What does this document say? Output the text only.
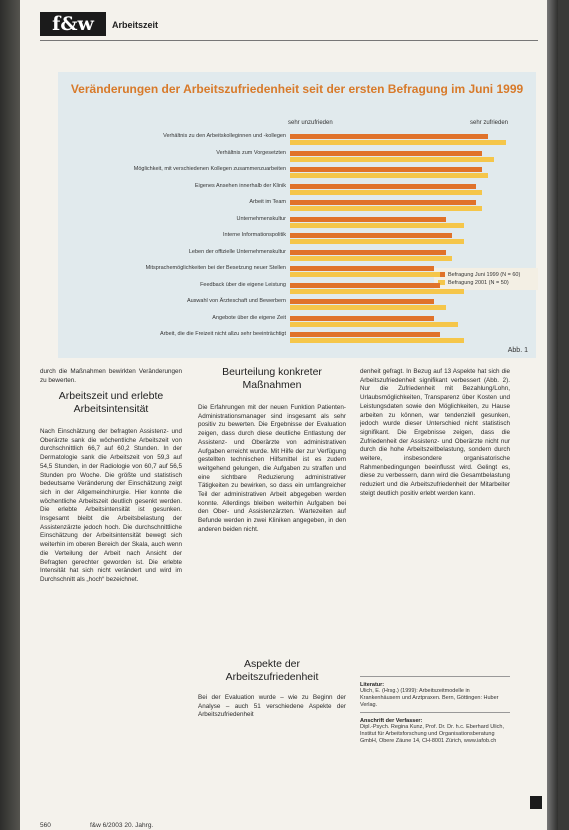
f&w	Arbeitszeit
Veränderungen der Arbeitszufriedenheit seit der ersten Befragung im Juni 1999
sehr unzufrieden	sehr zufrieden
Befragung Juni 1999 (N = 60)
Befragung 2001 (N = 50)
Abb. 1
Verhältnis zu den Arbeitskolleginnen und -kollegen
Verhältnis zum Vorgesetzten
Möglichkeit, mit verschiedenen Kollegen zusammenzuarbeiten
Eigenes Ansehen innerhalb der Klinik
Arbeit im Team
Unternehmenskultur
Interne Informationspolitik
Leben der offizielle Unternehmenskultur
Mitsprachemöglichkeiten bei der Besetzung neuer Stellen
Feedback über die eigene Leistung
Auswahl von Ärzteschaft und Bewerbern
Angebote über die eigene Zeit
Arbeit, die die Freizeit nicht allzu sehr beeinträchtigt

durch die Maßnahmen bewirkten Veränderungen zu bewerten.

Arbeitszeit und erlebte Arbeitsintensität

Nach Einschätzung der befragten Assistenz- und Oberärzte sank die wöchentliche Arbeitszeit von durchschnittlich 66,7 auf 60,2 Stunden. In der Dermatologie sank die Arbeitszeit von 59,3 auf 54,5 Stunden, in der Radiologie von 60,7 auf 56,5 Stunden pro Woche. Die größte und statistisch bedeutsame Veränderung der Einschätzung zeigt sich in der Allgemeinchirurgie. Hier konnte die wöchentliche Arbeitszeit deutlich gesenkt werden. Die erlebte Arbeitsintensität ist gesunken. Insgesamt bleibt die Arbeitsbelastung der Assistenzärzte jedoch hoch. Die durchschnittliche Einschätzung der Arbeitsintensität bewegt sich weiterhin im oberen Bereich der Skala, auch wenn die Verteilung der Arbeit nach Ansicht der Befragten gerechter geworden ist. Die erlebte Intensität hat sich nicht verändert und wird im Durchschnitt als „hoch“ bezeichnet.

Beurteilung konkreter Maßnahmen

Die Erfahrungen mit der neuen Funktion Patienten-Administrationsmanager sind insgesamt als sehr positiv zu bewerten. Die Ergebnisse der Evaluation zeigen, dass durch diese deutliche Entlastung der Assistenz- und Oberärzte von administrativen Aufgaben erreicht wurde. Mit Hilfe der zur Verfügung gestellten technischen Hilfsmittel ist es zudem weitgehend gelungen, die Aufgaben zu straffen und eine sichtbare Reduzierung administrativer Tätigkeiten zu bewirken, so dass ein umfangreicher Teil der administrativen Arbeit abgegeben werden konnte. Allerdings bleiben weiterhin Aufgaben bei den Ober- und Assistenzärzten. Wartezeiten auf Befunde werden in zwei Kliniken angegeben, in den anderen beiden nicht.

Aspekte der Arbeitszufriedenheit

Bei der Evaluation wurde – wie zu Beginn der Analyse – auch 51 verschiedene Aspekte der Arbeitszufriedenheit

denheit gefragt. In Bezug auf 13 Aspekte hat sich die Arbeitszufriedenheit signifikant verbessert (Abb. 2). Nur die Zufriedenheit mit Bezahlung/Lohn, Urlaubsmöglichkeiten, Transparenz über Kosten und Leistungsdaten sowie den Möglichkeiten, zu Hause arbeiten zu können, war tendenziell gesunken, jedoch wurde dieser Unterschied nicht statistisch signifikant. Die Ergebnisse zeigen, dass die Zufriedenheit der Assistenz- und Oberärzte nicht nur durch die hohe Arbeitszeitbelastung, sondern durch weitere, insbesondere organisatorische Rahmenbedingungen beeinflusst wird. Gelingt es, diese zu verbessern, dann wird die Gesamtbelastung reduziert und die Arbeitszufriedenheit der Mitarbeiter steigt deutlich positiv erlebt werden kann.

Literatur:
Ulich, E. (Hrsg.) (1999): Arbeitszeitmodelle in Krankenhäusern und Arztpraxen. Bern, Göttingen: Huber Verlag.
Anschrift der Verfasser:
Dipl.-Psych. Regina Kunz, Prof. Dr. Dr. h.c. Eberhard Ulich, Institut für Arbeitsforschung und Organisationsberatung GmbH, Obere Zäune 14, CH-8001 Zürich, www.iafob.ch
560	f&w 6/2003 20. Jahrg.
